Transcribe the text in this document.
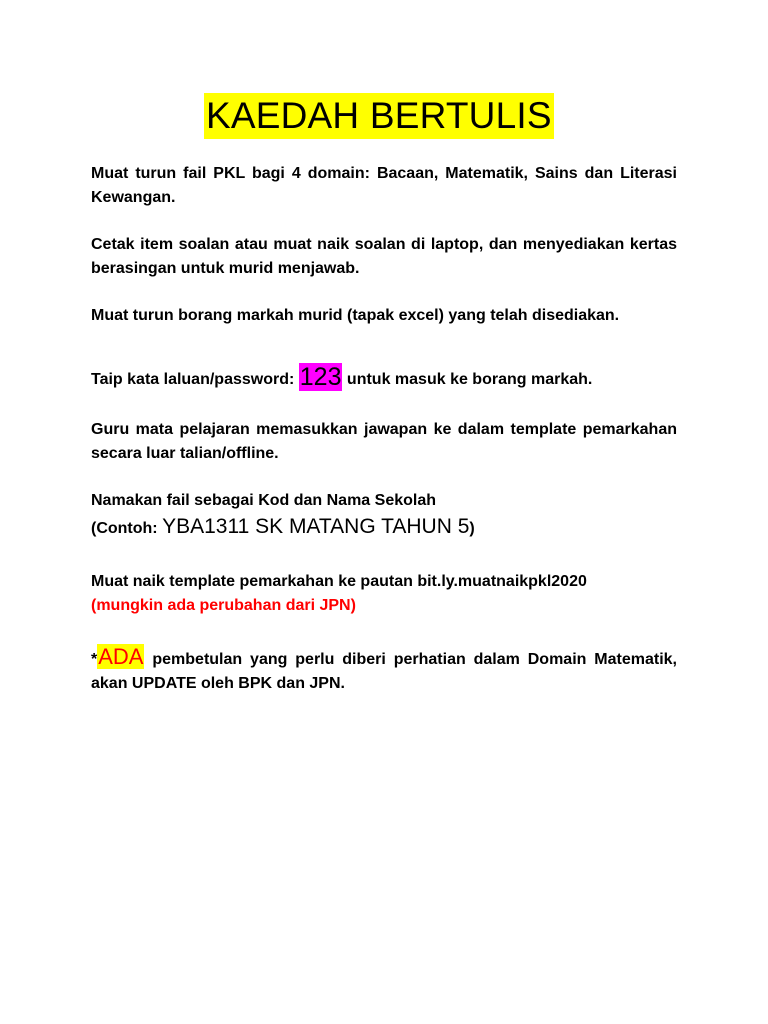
KAEDAH BERTULIS
Muat turun fail PKL bagi 4 domain: Bacaan, Matematik, Sains dan Literasi Kewangan.
Cetak item soalan atau muat naik soalan di laptop, dan menyediakan kertas berasingan untuk murid menjawab.
Muat turun borang markah murid (tapak excel) yang telah disediakan.
Taip kata laluan/password: 123 untuk masuk ke borang markah.
Guru mata pelajaran memasukkan jawapan ke dalam template pemarkahan secara luar talian/offline.
Namakan fail sebagai Kod dan Nama Sekolah
(Contoh: YBA1311 SK MATANG TAHUN 5)
Muat naik template pemarkahan ke pautan bit.ly.muatnaikpkl2020
(mungkin ada perubahan dari JPN)
*ADA pembetulan yang perlu diberi perhatian dalam Domain Matematik, akan UPDATE oleh BPK dan JPN.
